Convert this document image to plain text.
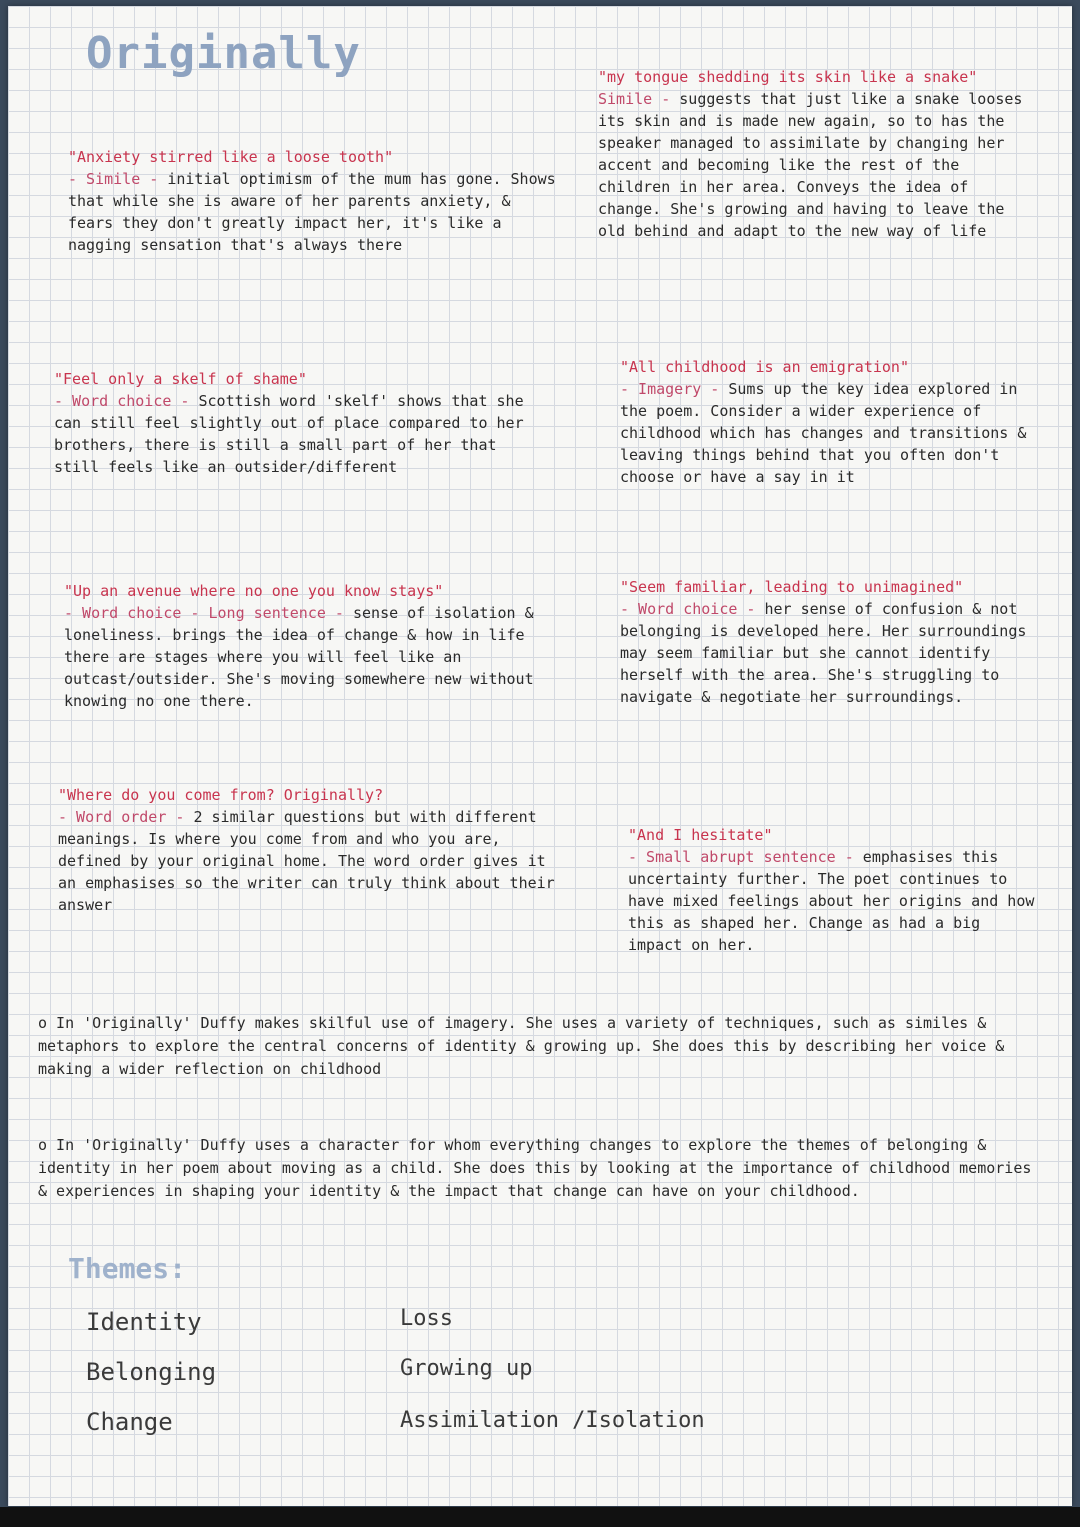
Originally
"Anxiety stirred like a loose tooth"
- Simile - initial optimism of the mum has gone. Shows that while she is aware of her parents anxiety, & fears they don't greatly impact her, it's like a nagging sensation that's always there
"Feel only a skelf of shame"
- Word choice - Scottish word 'skelf' shows that she can still feel slightly out of place compared to her brothers, there is still a small part of her that still feels like an outsider/different
"Up an avenue where no one you know stays"
- Word choice - Long sentence - sense of isolation & loneliness. brings the idea of change & how in life there are stages where you will feel like an outcast/outsider. She's moving somewhere new without knowing no one there.
"Where do you come from? Originally?
- Word order - 2 similar questions but with different meanings. Is where you come from and who you are, defined by your original home. The word order gives it an emphasises so the writer can truly think about their answer
"my tongue shedding its skin like a snake"
Simile - suggests that just like a snake looses its skin and is made new again, so to has the speaker managed to assimilate by changing her accent and becoming like the rest of the children in her area. Conveys the idea of change. She's growing and having to leave the old behind and adapt to the new way of life
"All childhood is an emigration"
- Imagery - Sums up the key idea explored in the poem. Consider a wider experience of childhood which has changes and transitions & leaving things behind that you often don't choose or have a say in it
"Seem familiar, leading to unimagined"
- Word choice - her sense of confusion & not belonging is developed here. Her surroundings may seem familiar but she cannot identify herself with the area. She's struggling to navigate & negotiate her surroundings.
"And I hesitate"
- Small abrupt sentence - emphasises this uncertainty further. The poet continues to have mixed feelings about her origins and how this as shaped her. Change as had a big impact on her.
o In 'Originally' Duffy makes skilful use of imagery. She uses a variety of techniques, such as similes & metaphors to explore the central concerns of identity & growing up. She does this by describing her voice & making a wider reflection on childhood
o In 'Originally' Duffy uses a character for whom everything changes to explore the themes of belonging & identity in her poem about moving as a child. She does this by looking at the importance of childhood memories & experiences in shaping your identity & the impact that change can have on your childhood.
Themes:
Identity
Belonging
Change
Loss
Growing up
Assimilation /Isolation
